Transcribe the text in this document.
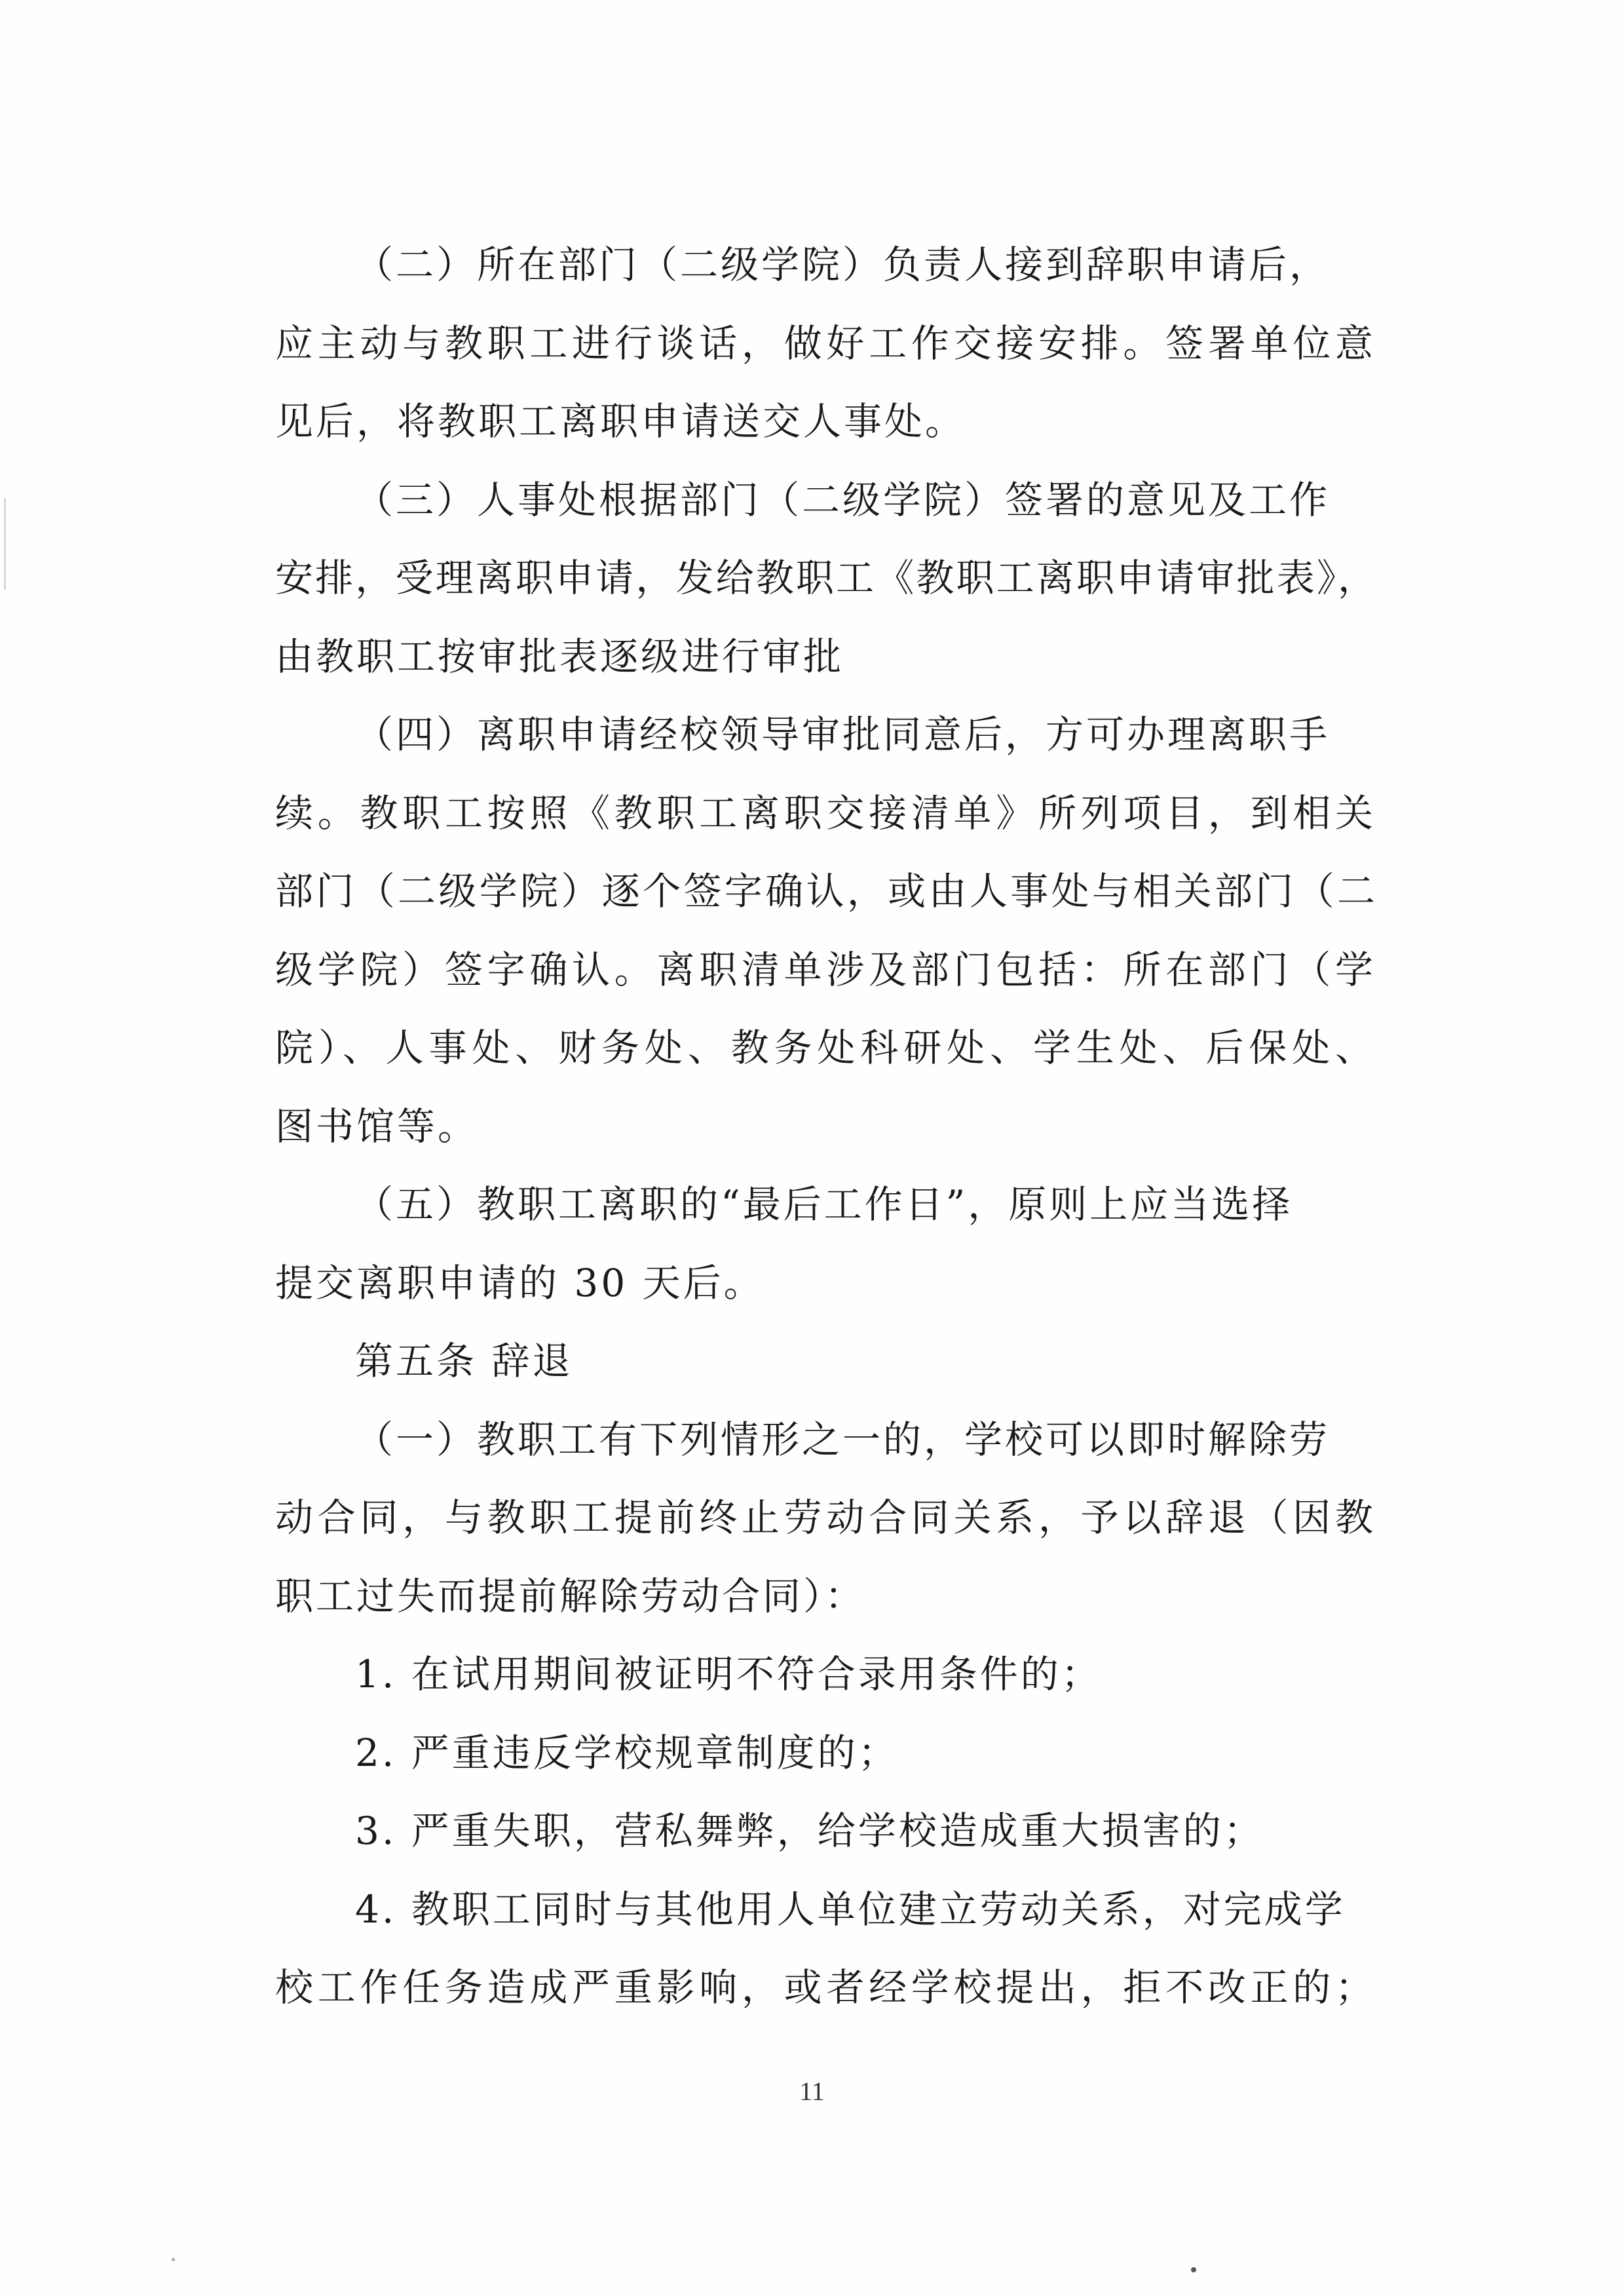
（二）所在部门（二级学院）负责人接到辞职申请后，
应主动与教职工进行谈话，做好工作交接安排。签署单位意
见后，将教职工离职申请送交人事处。
（三）人事处根据部门（二级学院）签署的意见及工作
安排，受理离职申请，发给教职工《教职工离职申请审批表》，
由教职工按审批表逐级进行审批
（四）离职申请经校领导审批同意后，方可办理离职手
续。教职工按照《教职工离职交接清单》所列项目，到相关
部门（二级学院）逐个签字确认，或由人事处与相关部门（二
级学院）签字确认。离职清单涉及部门包括：所在部门（学
院）、人事处、财务处、教务处科研处、学生处、后保处、
图书馆等。
（五）教职工离职的“最后工作日”，原则上应当选择
提交离职申请的 30 天后。
第五条 辞退
（一）教职工有下列情形之一的，学校可以即时解除劳
动合同，与教职工提前终止劳动合同关系，予以辞退（因教
职工过失而提前解除劳动合同）：
1. 在试用期间被证明不符合录用条件的；
2. 严重违反学校规章制度的；
3. 严重失职，营私舞弊，给学校造成重大损害的；
4. 教职工同时与其他用人单位建立劳动关系，对完成学
校工作任务造成严重影响，或者经学校提出，拒不改正的；
11
